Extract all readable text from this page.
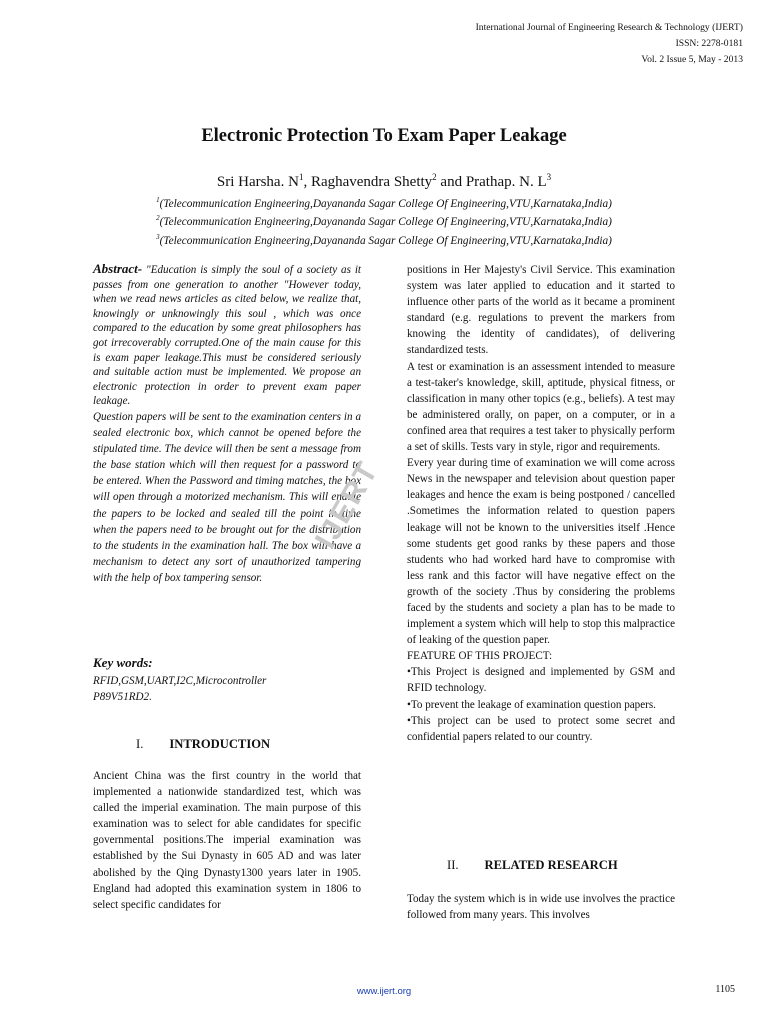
International Journal of Engineering Research & Technology (IJERT)
ISSN: 2278-0181
Vol. 2 Issue 5, May - 2013
Electronic Protection To Exam Paper Leakage
Sri Harsha. $N^1$, Raghavendra Shetty$^2$ and Prathap. N. $L^3$
$^1$(Telecommunication Engineering,Dayananda Sagar College Of Engineering,VTU,Karnataka,India)
$^2$(Telecommunication Engineering,Dayananda Sagar College Of Engineering,VTU,Karnataka,India)
$^3$(Telecommunication Engineering,Dayananda Sagar College Of Engineering,VTU,Karnataka,India)

Abstract- "Education is simply the soul of a society as it passes from one generation to another "However today, when we read news articles as cited below, we realize that, knowingly or unknowingly this soul , which was once compared to the education by some great philosophers has got irrecoverably corrupted.One of the main cause for this is exam paper leakage.This must be considered seriously and suitable action must be implemented. We propose an electronic protection in order to prevent exam paper leakage.

Question papers will be sent to the examination centers in a sealed electronic box, which cannot be opened before the stipulated time. The device will then be sent a message from the base station which will then request for a password to be entered. When the Password and timing matches, the box will open through a motorized mechanism. This will enable the papers to be locked and sealed till the point in time when the papers need to be brought out for the distribution to the students in the examination hall. The box will have a mechanism to detect any sort of unauthorized tampering with the help of box tampering sensor.

Key words:
RFID,GSM,UART,I2C,Microcontroller
P89V51RD2.
I. INTRODUCTION

Ancient China was the first country in the world that implemented a nationwide standardized test, which was called the imperial examination. The main purpose of this examination was to select for able candidates for specific governmental positions.The imperial examination was established by the Sui Dynasty in 605 AD and was later abolished by the Qing Dynasty1300 years later in 1905. England had adopted this examination system in 1806 to select specific candidates for

positions in Her Majesty's Civil Service. This examination system was later applied to education and it started to influence other parts of the world as it became a prominent standard (e.g. regulations to prevent the markers from knowing the identity of candidates), of delivering standardized tests.

A test or examination is an assessment intended to measure a test-taker's knowledge, skill, aptitude, physical fitness, or classification in many other topics (e.g., beliefs). A test may be administered orally, on paper, on a computer, or in a confined area that requires a test taker to physically perform a set of skills. Tests vary in style, rigor and requirements.

Every year during time of examination we will come across News in the newspaper and television about question paper leakages and hence the exam is being postponed / cancelled .Sometimes the information related to question papers leakage will not be known to the universities itself .Hence some students get good ranks by these papers and those students who had worked hard have to compromise with less rank and this factor will have negative effect on the growth of the society .Thus by considering the problems faced by the students and society a plan has to be made to implement a system which will help to stop this malpractice of leaking of the question paper.

FEATURE OF THIS PROJECT:

•This Project is designed and implemented by GSM and RFID technology.

•To prevent the leakage of examination question papers.

•This project can be used to protect some secret and confidential papers related to our country.

II. RELATED RESEARCH

Today the system which is in wide use involves the practice followed from many years. This involves

IJERT
www.ijert.org	1105
